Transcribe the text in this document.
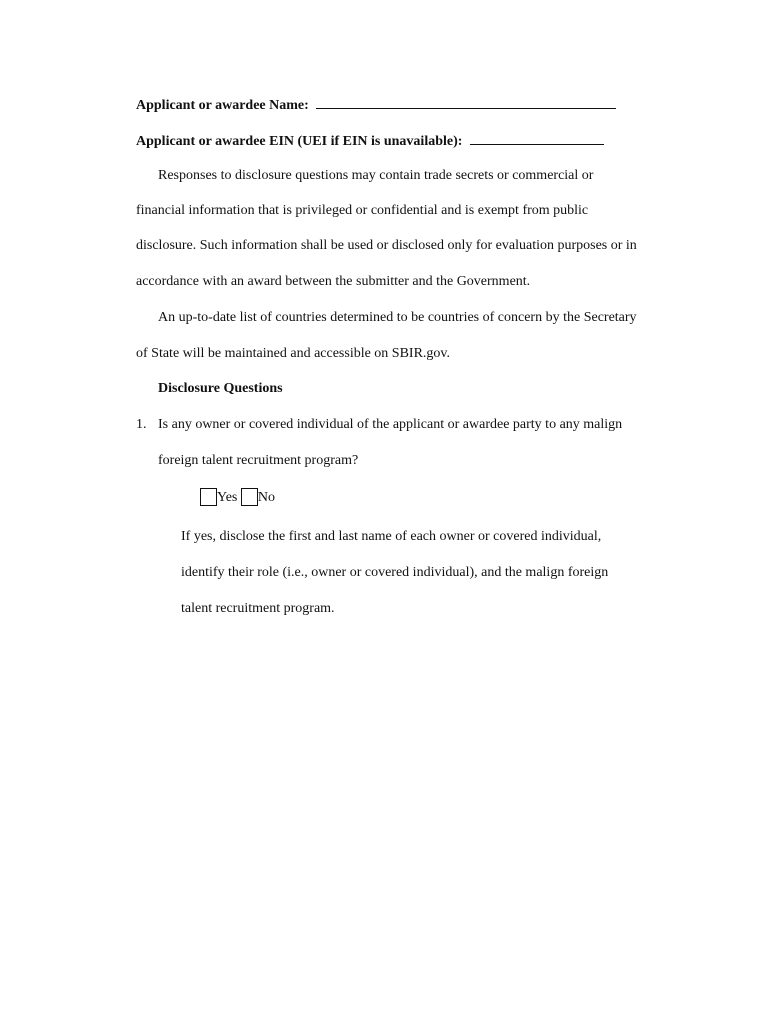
Applicant or awardee Name:
Applicant or awardee EIN (UEI if EIN is unavailable):
Responses to disclosure questions may contain trade secrets or commercial or
financial information that is privileged or confidential and is exempt from public
disclosure. Such information shall be used or disclosed only for evaluation purposes or in
accordance with an award between the submitter and the Government.
An up-to-date list of countries determined to be countries of concern by the Secretary
of State will be maintained and accessible on SBIR.gov.
Disclosure Questions
1. Is any owner or covered individual of the applicant or awardee party to any malign
foreign talent recruitment program?
Yes No
If yes, disclose the first and last name of each owner or covered individual,
identify their role (i.e., owner or covered individual), and the malign foreign
talent recruitment program.
